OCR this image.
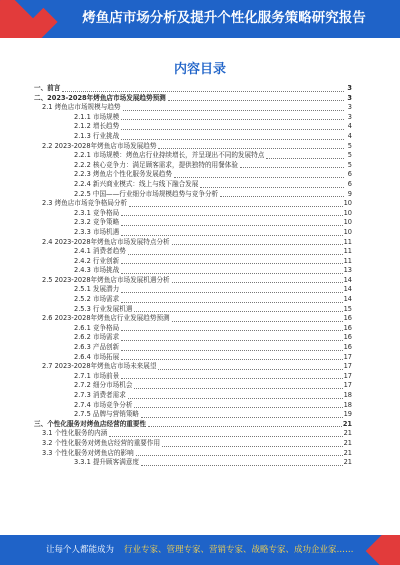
烤鱼店市场分析及提升个性化服务策略研究报告
内容目录
一、前言	3
二、2023-2028年烤鱼店市场发展趋势预测	3
2.1 烤鱼店市场规模与趋势	3
2.1.1 市场规模	3
2.1.2 增长趋势	4
2.1.3 行业挑战	4
2.2 2023-2028年烤鱼店市场发展趋势	5
2.2.1 市场规模：烤鱼店行业持续增长，并呈现出不同的发展特点	5
2.2.2 核心竞争力：满足顾客需求，提供独特的用餐体验	5
2.2.3 烤鱼店个性化服务发展趋势	6
2.2.4 新兴商业模式：线上与线下融合发展	6
2.2.5 中国——行业细分市场规模趋势与竞争分析	9
2.3 烤鱼店市场竞争格局分析	10
2.3.1 竞争格局	10
2.3.2 竞争策略	10
2.3.3 市场机遇	10
2.4 2023-2028年烤鱼店市场发展特点分析	11
2.4.1 消费者趋势	11
2.4.2 行业创新	11
2.4.3 市场挑战	13
2.5 2023-2028年烤鱼店市场发展机遇分析	14
2.5.1 发展潜力	14
2.5.2 市场需求	14
2.5.3 行业发展机遇	15
2.6 2023-2028年烤鱼店行业发展趋势预测	16
2.6.1 竞争格局	16
2.6.2 市场需求	16
2.6.3 产品创新	16
2.6.4 市场拓展	17
2.7 2023-2028年烤鱼店市场未来展望	17
2.7.1 市场前景	17
2.7.2 细分市场机会	17
2.7.3 消费者需求	18
2.7.4 市场竞争分析	18
2.7.5 品牌与营销策略	19
三、个性化服务对烤鱼店经营的重要性	21
3.1 个性化服务的内涵	21
3.2 个性化服务对烤鱼店经营的重要作用	21
3.3 个性化服务对烤鱼店的影响	21
3.3.1 提升顾客满意度	21
让每个人都能成为 行业专家、管理专家、营销专家、战略专家、成功企业家……
